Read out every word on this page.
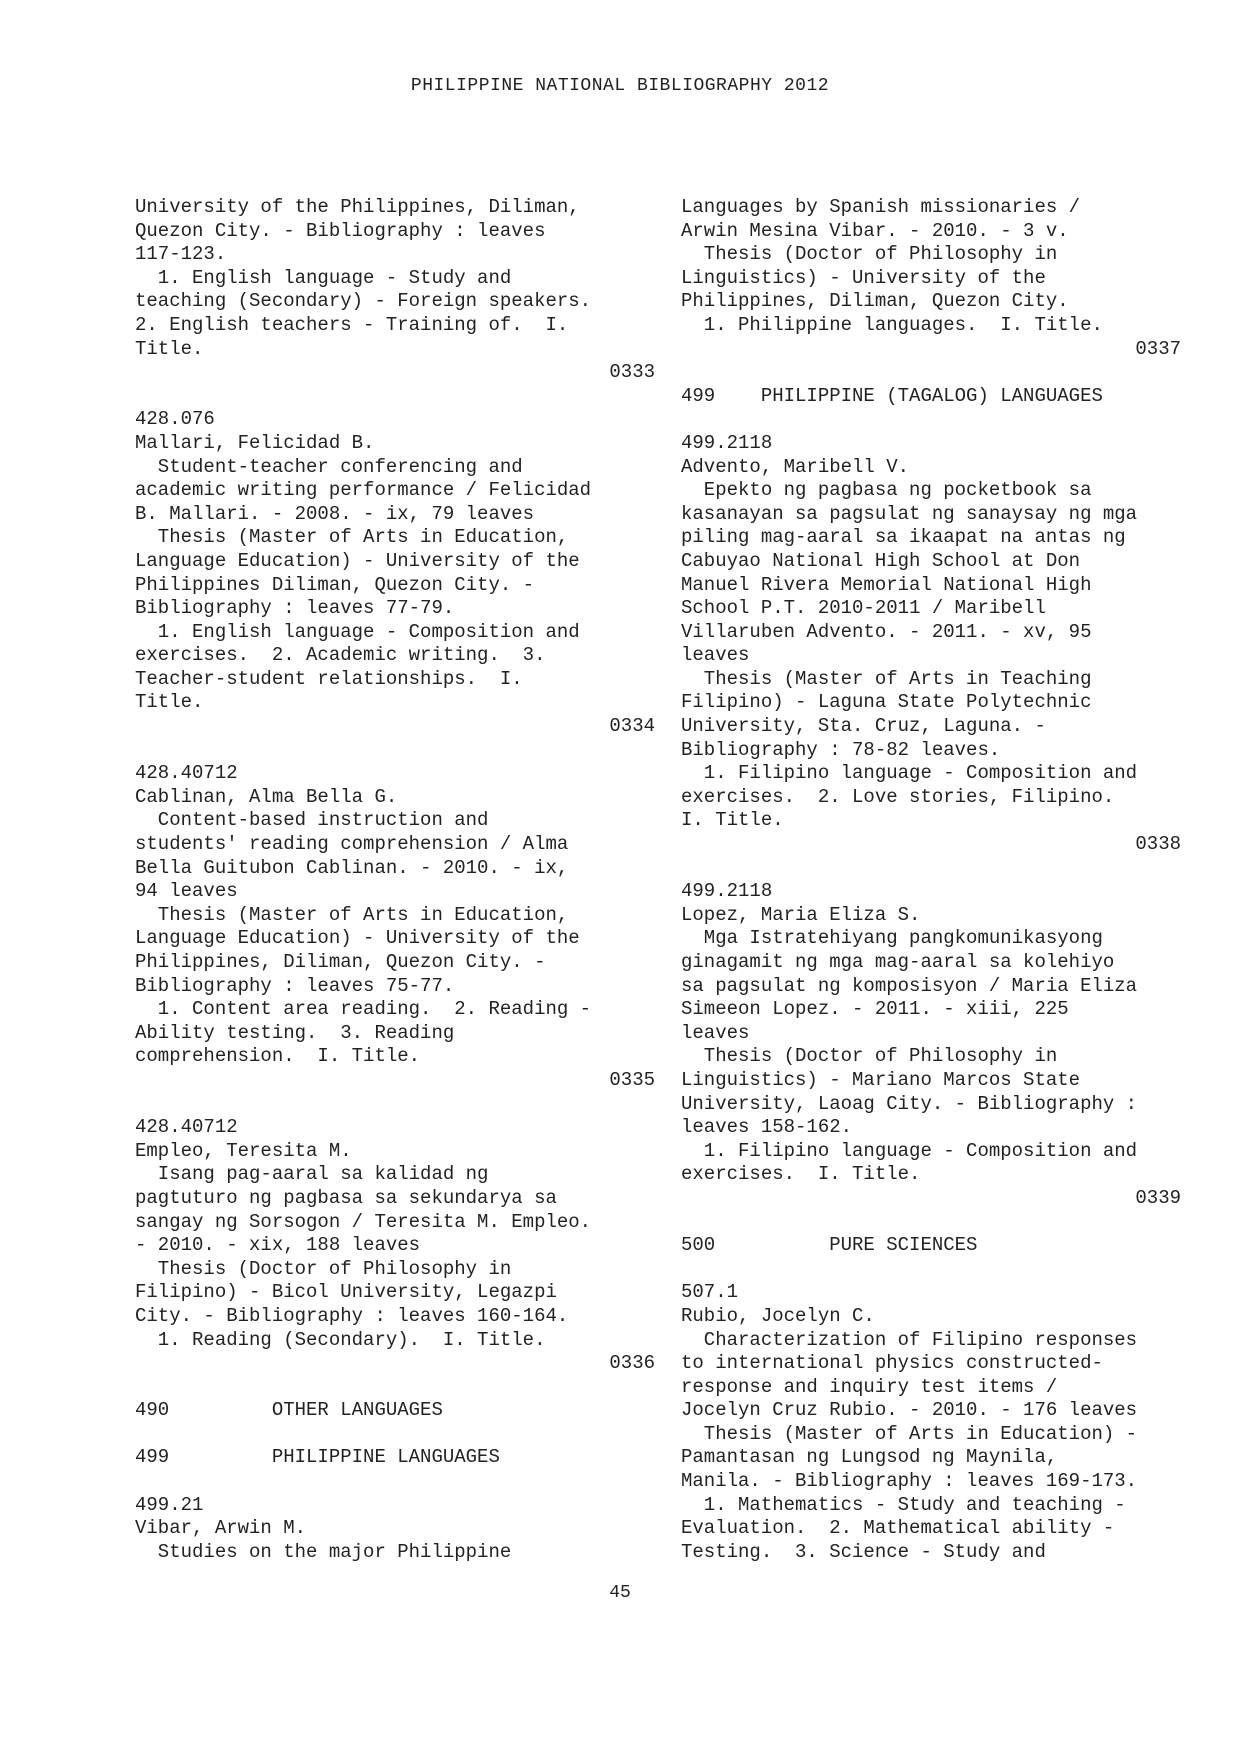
PHILIPPINE NATIONAL BIBLIOGRAPHY 2012
University of the Philippines, Diliman,
Quezon City. - Bibliography : leaves
117-123.
1. English language - Study and
teaching (Secondary) - Foreign speakers.
2. English teachers - Training of.  I.
Title.
0333
428.076
Mallari, Felicidad B.
Student-teacher conferencing and
academic writing performance / Felicidad
B. Mallari. - 2008. - ix, 79 leaves
Thesis (Master of Arts in Education,
Language Education) - University of the
Philippines Diliman, Quezon City. -
Bibliography : leaves 77-79.
1. English language - Composition and
exercises.  2. Academic writing.  3.
Teacher-student relationships.  I.
Title.
0334
428.40712
Cablinan, Alma Bella G.
Content-based instruction and
students' reading comprehension / Alma
Bella Guitubon Cablinan. - 2010. - ix,
94 leaves
Thesis (Master of Arts in Education,
Language Education) - University of the
Philippines, Diliman, Quezon City. -
Bibliography : leaves 75-77.
1. Content area reading.  2. Reading -
Ability testing.  3. Reading
comprehension.  I. Title.
0335
428.40712
Empleo, Teresita M.
Isang pag-aaral sa kalidad ng
pagtuturo ng pagbasa sa sekundarya sa
sangay ng Sorsogon / Teresita M. Empleo.
- 2010. - xix, 188 leaves
Thesis (Doctor of Philosophy in
Filipino) - Bicol University, Legazpi
City. - Bibliography : leaves 160-164.
1. Reading (Secondary).  I. Title.
0336
490         OTHER LANGUAGES
499         PHILIPPINE LANGUAGES
499.21
Vibar, Arwin M.
Studies on the major Philippine
Languages by Spanish missionaries /
Arwin Mesina Vibar. - 2010. - 3 v.
Thesis (Doctor of Philosophy in
Linguistics) - University of the
Philippines, Diliman, Quezon City.
1. Philippine languages.  I. Title.
0337
499    PHILIPPINE (TAGALOG) LANGUAGES
499.2118
Advento, Maribell V.
Epekto ng pagbasa ng pocketbook sa
kasanayan sa pagsulat ng sanaysay ng mga
piling mag-aaral sa ikaapat na antas ng
Cabuyao National High School at Don
Manuel Rivera Memorial National High
School P.T. 2010-2011 / Maribell
Villaruben Advento. - 2011. - xv, 95
leaves
Thesis (Master of Arts in Teaching
Filipino) - Laguna State Polytechnic
University, Sta. Cruz, Laguna. -
Bibliography : 78-82 leaves.
1. Filipino language - Composition and
exercises.  2. Love stories, Filipino.
I. Title.
0338
499.2118
Lopez, Maria Eliza S.
Mga Istratehiyang pangkomunikasyong
ginagamit ng mga mag-aaral sa kolehiyo
sa pagsulat ng komposisyon / Maria Eliza
Simeeon Lopez. - 2011. - xiii, 225
leaves
Thesis (Doctor of Philosophy in
Linguistics) - Mariano Marcos State
University, Laoag City. - Bibliography :
leaves 158-162.
1. Filipino language - Composition and
exercises.  I. Title.
0339
500          PURE SCIENCES
507.1
Rubio, Jocelyn C.
Characterization of Filipino responses
to international physics constructed-
response and inquiry test items /
Jocelyn Cruz Rubio. - 2010. - 176 leaves
Thesis (Master of Arts in Education) -
Pamantasan ng Lungsod ng Maynila,
Manila. - Bibliography : leaves 169-173.
1. Mathematics - Study and teaching -
Evaluation.  2. Mathematical ability -
Testing.  3. Science - Study and
45
